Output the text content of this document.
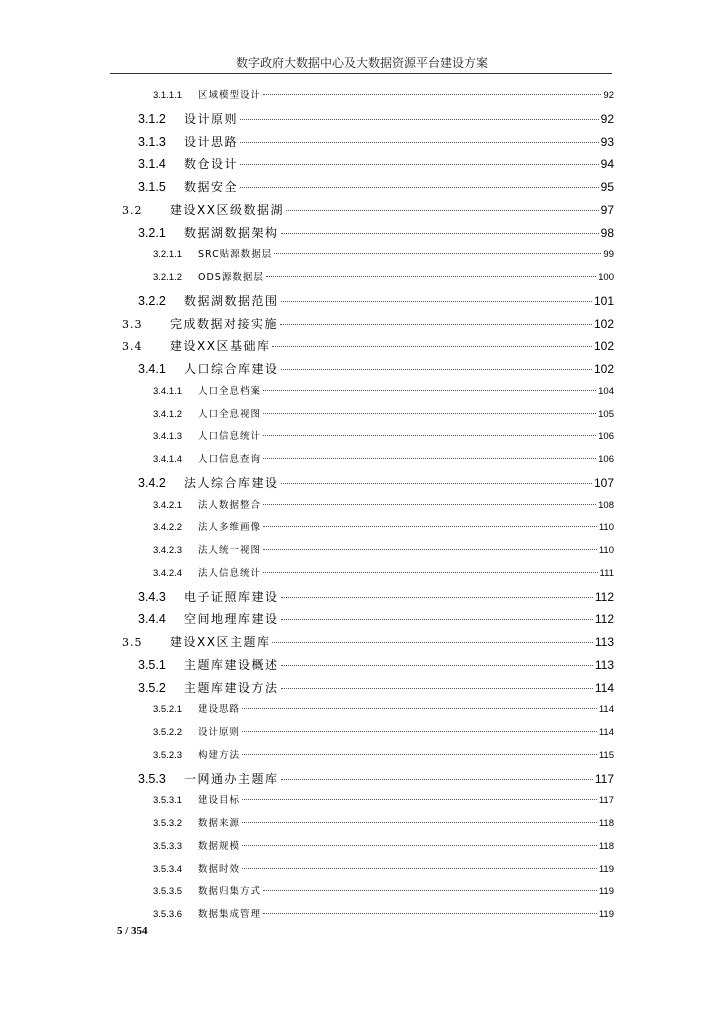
数字政府大数据中心及大数据资源平台建设方案
3.1.1.1	区域模型设计	92
3.1.2	设计原则	92
3.1.3	设计思路	93
3.1.4	数仓设计	94
3.1.5	数据安全	95
3.2	建设XX区级数据湖	97
3.2.1	数据湖数据架构	98
3.2.1.1	SRC贴源数据层	99
3.2.1.2	ODS源数据层	100
3.2.2	数据湖数据范围	101
3.3	完成数据对接实施	102
3.4	建设XX区基础库	102
3.4.1	人口综合库建设	102
3.4.1.1	人口全息档案	104
3.4.1.2	人口全息视图	105
3.4.1.3	人口信息统计	106
3.4.1.4	人口信息查询	106
3.4.2	法人综合库建设	107
3.4.2.1	法人数据整合	108
3.4.2.2	法人多维画像	110
3.4.2.3	法人统一视图	110
3.4.2.4	法人信息统计	111
3.4.3	电子证照库建设	112
3.4.4	空间地理库建设	112
3.5	建设XX区主题库	113
3.5.1	主题库建设概述	113
3.5.2	主题库建设方法	114
3.5.2.1	建设思路	114
3.5.2.2	设计原则	114
3.5.2.3	构建方法	115
3.5.3	一网通办主题库	117
3.5.3.1	建设目标	117
3.5.3.2	数据来源	118
3.5.3.3	数据规模	118
3.5.3.4	数据时效	119
3.5.3.5	数据归集方式	119
3.5.3.6	数据集成管理	119
5 / 354
